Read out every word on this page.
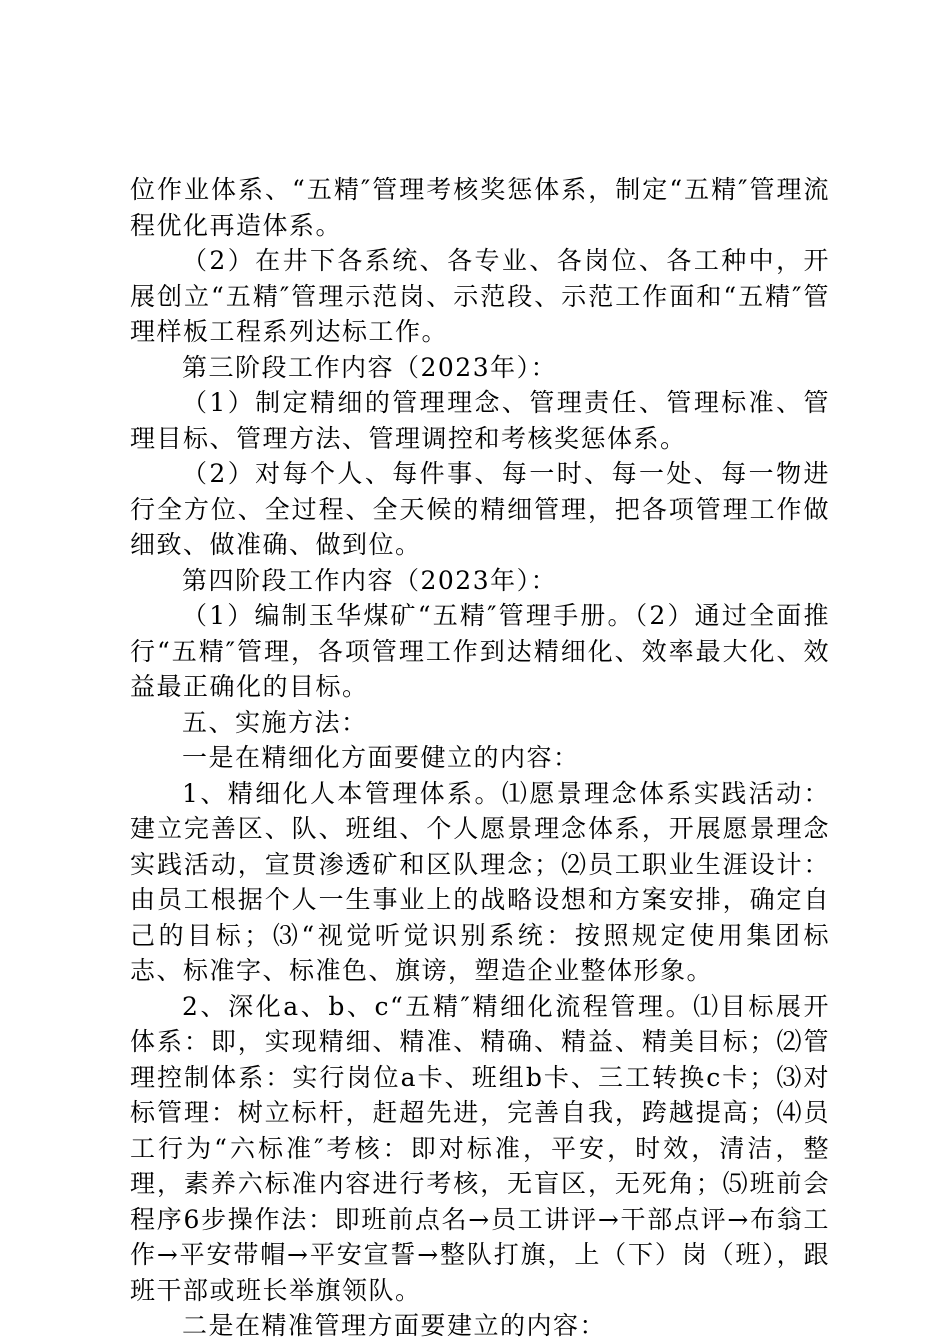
位作业体系、“五精″管理考核奖惩体系，制定“五精″管理流程优化再造体系。

（2）在井下各系统、各专业、各岗位、各工种中，开展创立“五精″管理示范岗、示范段、示范工作面和“五精″管理样板工程系列达标工作。

第三阶段工作内容（2023年）：

（1）制定精细的管理理念、管理责任、管理标准、管理目标、管理方法、管理调控和考核奖惩体系。

（2）对每个人、每件事、每一时、每一处、每一物进行全方位、全过程、全天候的精细管理，把各项管理工作做细致、做准确、做到位。

第四阶段工作内容（2023年）：

（1）编制玉华煤矿“五精″管理手册。（2）通过全面推行“五精″管理，各项管理工作到达精细化、效率最大化、效益最正确化的目标。

五、实施方法：

一是在精细化方面要健立的内容：

1、精细化人本管理体系。⑴愿景理念体系实践活动：建立完善区、队、班组、个人愿景理念体系，开展愿景理念实践活动，宣贯渗透矿和区队理念；⑵员工职业生涯设计：由员工根据个人一生事业上的战略设想和方案安排，确定自己的目标；⑶“视觉听觉识别系统：按照规定使用集团标志、标准字、标准色、旗谤，塑造企业整体形象。

2、深化a、b、c“五精″精细化流程管理。⑴目标展开体系：即，实现精细、精准、精确、精益、精美目标；⑵管理控制体系：实行岗位a卡、班组b卡、三工转换c卡；⑶对标管理：树立标杆，赶超先进，完善自我，跨越提高；⑷员工行为“六标准″考核：即对标准，平安，时效，清洁，整理，素养六标准内容进行考核，无盲区，无死角；⑸班前会程序6步操作法：即班前点名→员工讲评→干部点评→布翁工作→平安带帽→平安宣誓→整队打旗，上（下）岗（班），跟班干部或班长举旗领队。

二是在精准管理方面要建立的内容：
